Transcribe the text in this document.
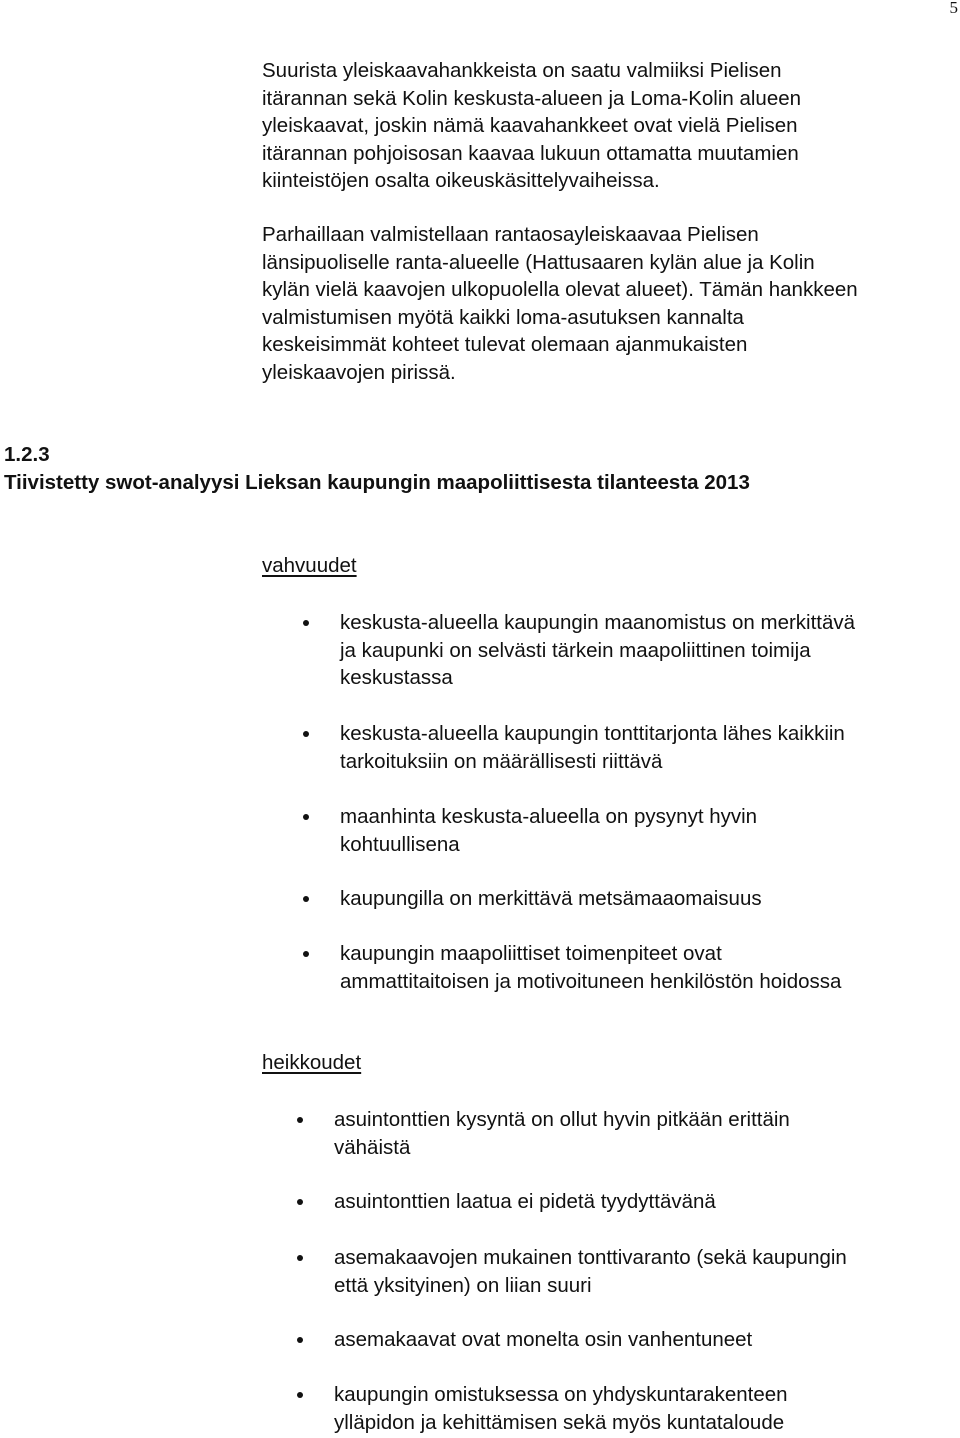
5
Suurista yleiskaavahankkeista on saatu valmiiksi Pielisen
itärannan sekä Kolin keskusta-alueen ja Loma-Kolin alueen
yleiskaavat, joskin nämä kaavahankkeet ovat vielä Pielisen
itärannan pohjoisosan kaavaa lukuun ottamatta muutamien
kiinteistöjen osalta oikeuskäsittelyvaiheissa.
Parhaillaan valmistellaan rantaosayleiskaavaa Pielisen
länsipuoliselle ranta-alueelle (Hattusaaren kylän alue ja Kolin
kylän vielä kaavojen ulkopuolella olevat alueet). Tämän hankkeen
valmistumisen myötä kaikki loma-asutuksen kannalta
keskeisimmät kohteet tulevat olemaan ajanmukaisten
yleiskaavojen pirissä.
1.2.3
Tiivistetty swot-analyysi Lieksan kaupungin maapoliittisesta tilanteesta 2013
vahvuudet
keskusta-alueella kaupungin maanomistus on merkittävä
ja kaupunki on selvästi tärkein maapoliittinen toimija
keskustassa
keskusta-alueella kaupungin tonttitarjonta lähes kaikkiin
tarkoituksiin on määrällisesti riittävä
maanhinta keskusta-alueella on pysynyt hyvin
kohtuullisena
kaupungilla on merkittävä metsämaaomaisuus
kaupungin maapoliittiset toimenpiteet ovat
ammattitaitoisen ja motivoituneen henkilöstön hoidossa
heikkoudet
asuintonttien kysyntä on ollut hyvin pitkään erittäin
vähäistä
asuintonttien laatua ei pidetä tyydyttävänä
asemakaavojen mukainen tonttivaranto (sekä kaupungin
että yksityinen) on liian suuri
asemakaavat ovat monelta osin vanhentuneet
kaupungin omistuksessa on yhdyskuntarakenteen
ylläpidon ja kehittämisen sekä myös kuntataloude
